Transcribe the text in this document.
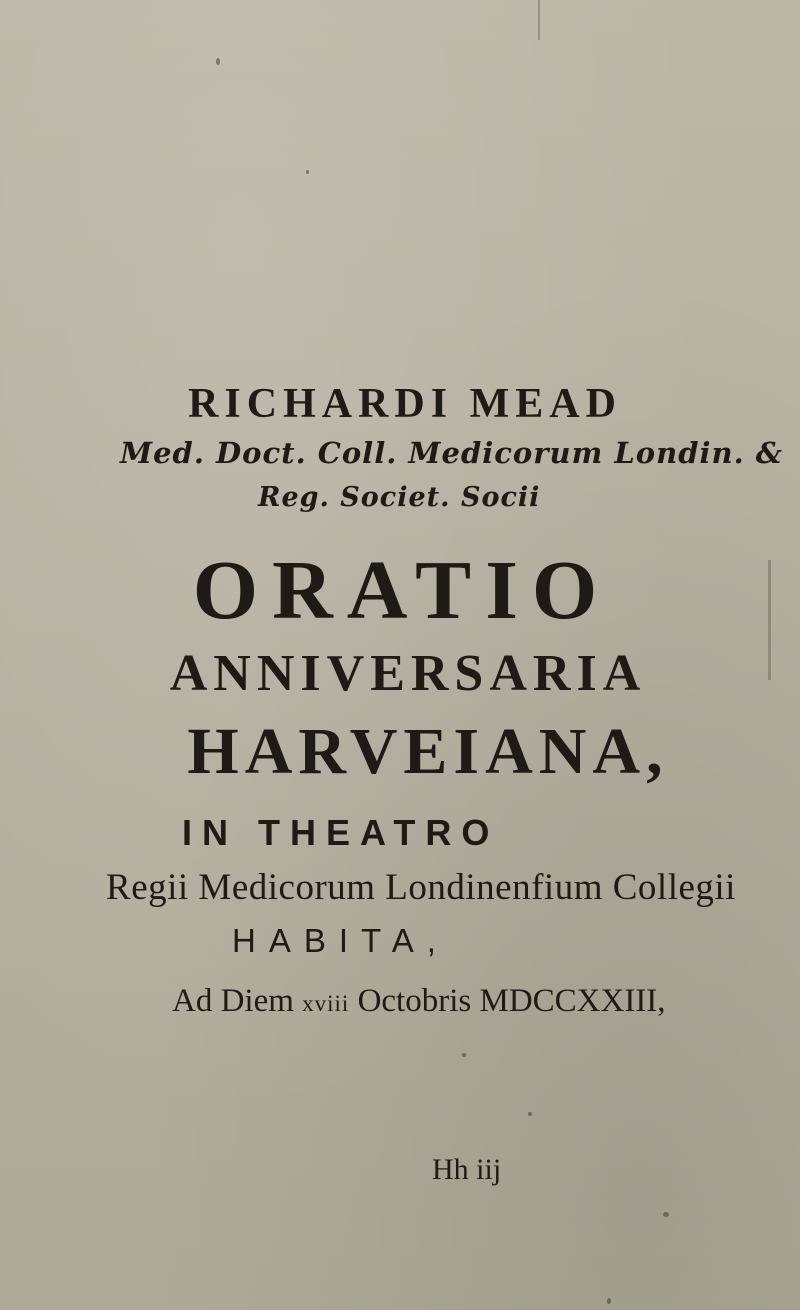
RICHARDI MEAD
Med. Doct. Coll. Medicorum Londin. &
Reg. Societ. Socii
ORATIO
ANNIVERSARIA
HARVEIANA,
IN THEATRO
Regii Medicorum Londinenfium Collegii
HABITA,
Ad Diem xviii Octobris MDCCXXIII,
Hh iij
